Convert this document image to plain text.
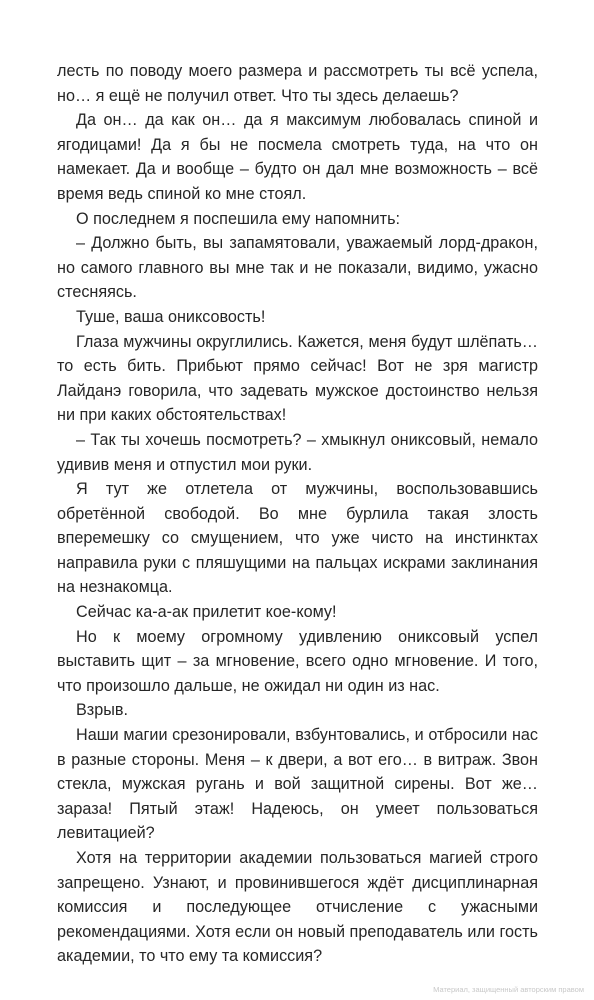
лесть по поводу моего размера и рассмотреть ты всё успела, но… я ещё не получил ответ. Что ты здесь делаешь?

Да он… да как он… да я максимум любовалась спиной и ягодицами! Да я бы не посмела смотреть туда, на что он намекает. Да и вообще – будто он дал мне возможность – всё время ведь спиной ко мне стоял.

О последнем я поспешила ему напомнить:

– Должно быть, вы запамятовали, уважаемый лорд-дракон, но самого главного вы мне так и не показали, видимо, ужасно стесняясь.

Туше, ваша ониксовость!

Глаза мужчины округлились. Кажется, меня будут шлёпать… то есть бить. Прибьют прямо сейчас! Вот не зря магистр Лайданэ говорила, что задевать мужское достоинство нельзя ни при каких обстоятельствах!

– Так ты хочешь посмотреть? – хмыкнул ониксовый, немало удивив меня и отпустил мои руки.

Я тут же отлетела от мужчины, воспользовавшись обретённой свободой. Во мне бурлила такая злость вперемешку со смущением, что уже чисто на инстинктах направила руки с пляшущими на пальцах искрами заклинания на незнакомца.

Сейчас ка-а-ак прилетит кое-кому!

Но к моему огромному удивлению ониксовый успел выставить щит – за мгновение, всего одно мгновение. И того, что произошло дальше, не ожидал ни один из нас.

Взрыв.

Наши магии срезонировали, взбунтовались, и отбросили нас в разные стороны. Меня – к двери, а вот его… в витраж. Звон стекла, мужская ругань и вой защитной сирены. Вот же… зараза! Пятый этаж! Надеюсь, он умеет пользоваться левитацией?

Хотя на территории академии пользоваться магией строго запрещено. Узнают, и провинившегося ждёт дисциплинарная комиссия и последующее отчисление с ужасными рекомендациями. Хотя если он новый преподаватель или гость академии, то что ему та комиссия?

Материал, защищенный авторским правом
